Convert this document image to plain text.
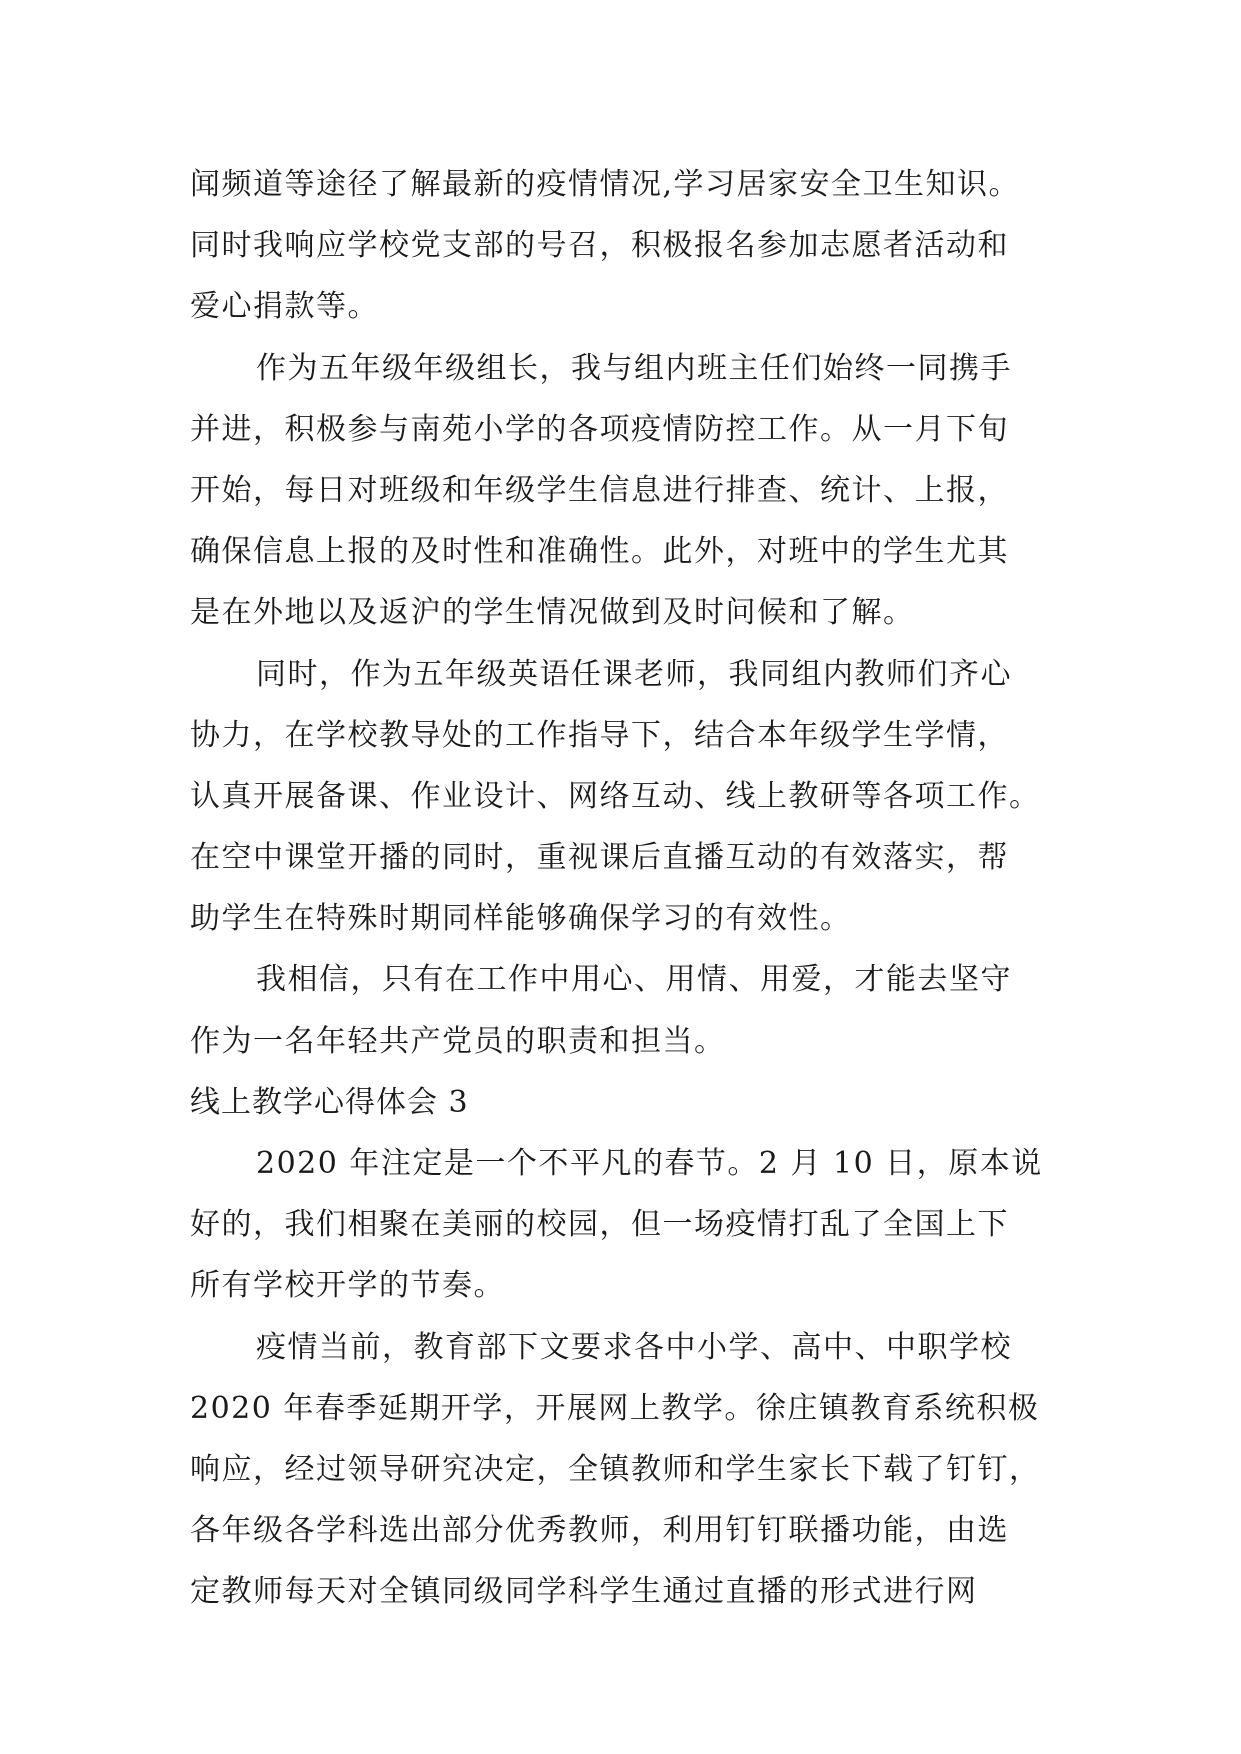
闻频道等途径了解最新的疫情情况,学习居家安全卫生知识。
同时我响应学校党支部的号召，积极报名参加志愿者活动和
爱心捐款等。
作为五年级年级组长，我与组内班主任们始终一同携手
并进，积极参与南苑小学的各项疫情防控工作。从一月下旬
开始，每日对班级和年级学生信息进行排查、统计、上报，
确保信息上报的及时性和准确性。此外，对班中的学生尤其
是在外地以及返沪的学生情况做到及时问候和了解。
同时，作为五年级英语任课老师，我同组内教师们齐心
协力，在学校教导处的工作指导下，结合本年级学生学情，
认真开展备课、作业设计、网络互动、线上教研等各项工作。
在空中课堂开播的同时，重视课后直播互动的有效落实，帮
助学生在特殊时期同样能够确保学习的有效性。
我相信，只有在工作中用心、用情、用爱，才能去坚守
作为一名年轻共产党员的职责和担当。
线上教学心得体会 3
2020 年注定是一个不平凡的春节。2 月 10 日，原本说
好的，我们相聚在美丽的校园，但一场疫情打乱了全国上下
所有学校开学的节奏。
疫情当前，教育部下文要求各中小学、高中、中职学校
2020 年春季延期开学，开展网上教学。徐庄镇教育系统积极
响应，经过领导研究决定，全镇教师和学生家长下载了钉钉，
各年级各学科选出部分优秀教师，利用钉钉联播功能，由选
定教师每天对全镇同级同学科学生通过直播的形式进行网
